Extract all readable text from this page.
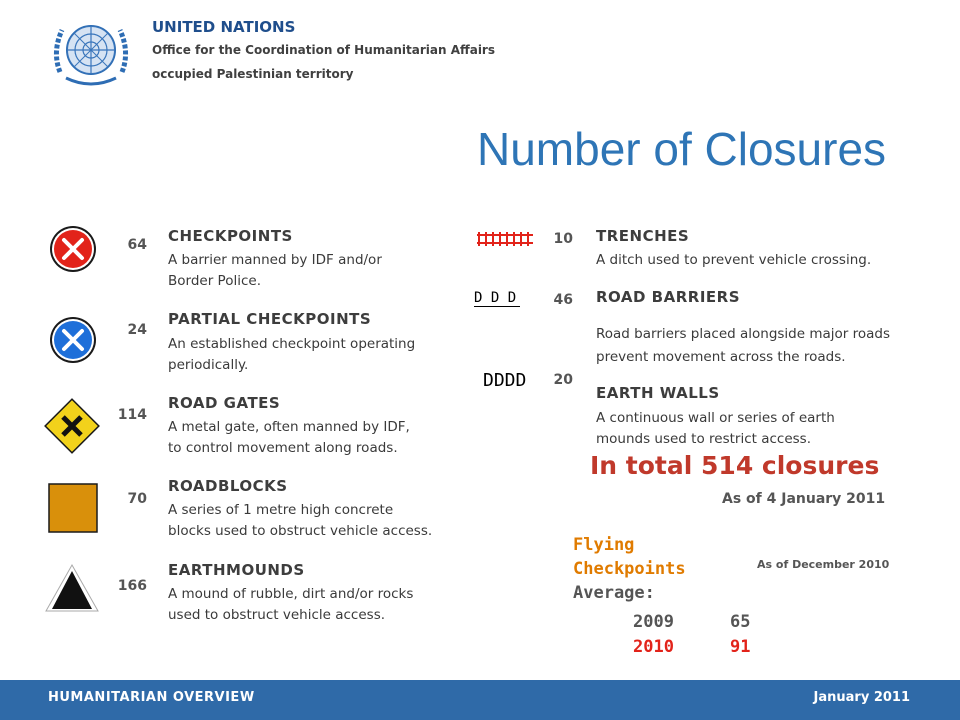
UNITED NATIONS
Office for the Coordination of Humanitarian Affairs
occupied Palestinian territory
Number of Closures
64 CHECKPOINTS
A barrier manned by IDF and/or
Border Police.
24
PARTIAL CHECKPOINTS
An established checkpoint operating
periodically.
114
ROAD GATES
A metal gate, often manned by IDF,
to control movement along roads.
70
ROADBLOCKS
A series of 1 metre high concrete
blocks used to obstruct vehicle access.
166
EARTHMOUNDS
A mound of rubble, dirt and/or rocks
used to obstruct vehicle access.
10 TRENCHES
A ditch used to prevent vehicle crossing.
D D D	46 ROAD BARRIERS
Road barriers placed alongside major roads
prevent movement across the roads.
DDDD	20
EARTH WALLS
A continuous wall or series of earth
mounds used to restrict access.
In total 514 closures
As of 4 January 2011
Flying
Checkpoints
Average:
As of December 2010
2009	65
2010	91
HUMANITARIAN OVERVIEW	January 2011
